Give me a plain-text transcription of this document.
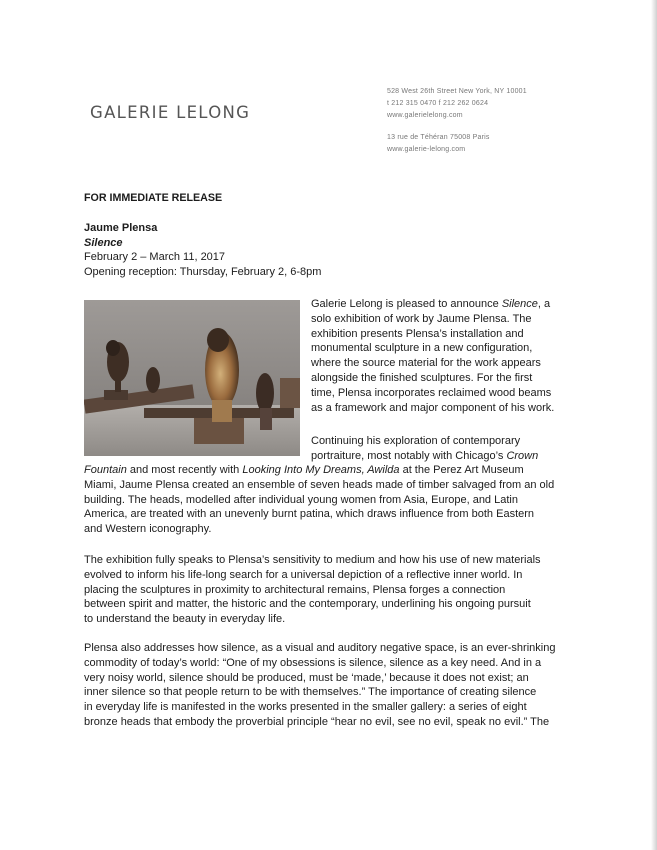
GALERIE LELONG
528 West 26th Street New York, NY 10001
t 212 315 0470 f 212 262 0624
www.galerielelong.com
13 rue de Téhéran 75008 Paris
www.galerie-lelong.com
FOR IMMEDIATE RELEASE
Jaume Plensa
Silence
February 2 – March 11, 2017
Opening reception: Thursday, February 2, 6-8pm
Galerie Lelong is pleased to announce Silence, a
solo exhibition of work by Jaume Plensa. The
exhibition presents Plensa’s installation and
monumental sculpture in a new configuration,
where the source material for the work appears
alongside the finished sculptures. For the first
time, Plensa incorporates reclaimed wood beams
as a framework and major component of his work.
Continuing his exploration of contemporary
portraiture, most notably with Chicago’s Crown
Fountain and most recently with Looking Into My Dreams, Awilda at the Perez Art Museum
Miami, Jaume Plensa created an ensemble of seven heads made of timber salvaged from an old
building. The heads, modelled after individual young women from Asia, Europe, and Latin
America, are treated with an unevenly burnt patina, which draws influence from both Eastern
and Western iconography.
The exhibition fully speaks to Plensa’s sensitivity to medium and how his use of new materials
evolved to inform his life-long search for a universal depiction of a reflective inner world. In
placing the sculptures in proximity to architectural remains, Plensa forges a connection
between spirit and matter, the historic and the contemporary, underlining his ongoing pursuit
to understand the beauty in everyday life.
Plensa also addresses how silence, as a visual and auditory negative space, is an ever-shrinking
commodity of today’s world: “One of my obsessions is silence, silence as a key need. And in a
very noisy world, silence should be produced, must be ‘made,’ because it does not exist; an
inner silence so that people return to be with themselves.” The importance of creating silence
in everyday life is manifested in the works presented in the smaller gallery: a series of eight
bronze heads that embody the proverbial principle “hear no evil, see no evil, speak no evil.” The
